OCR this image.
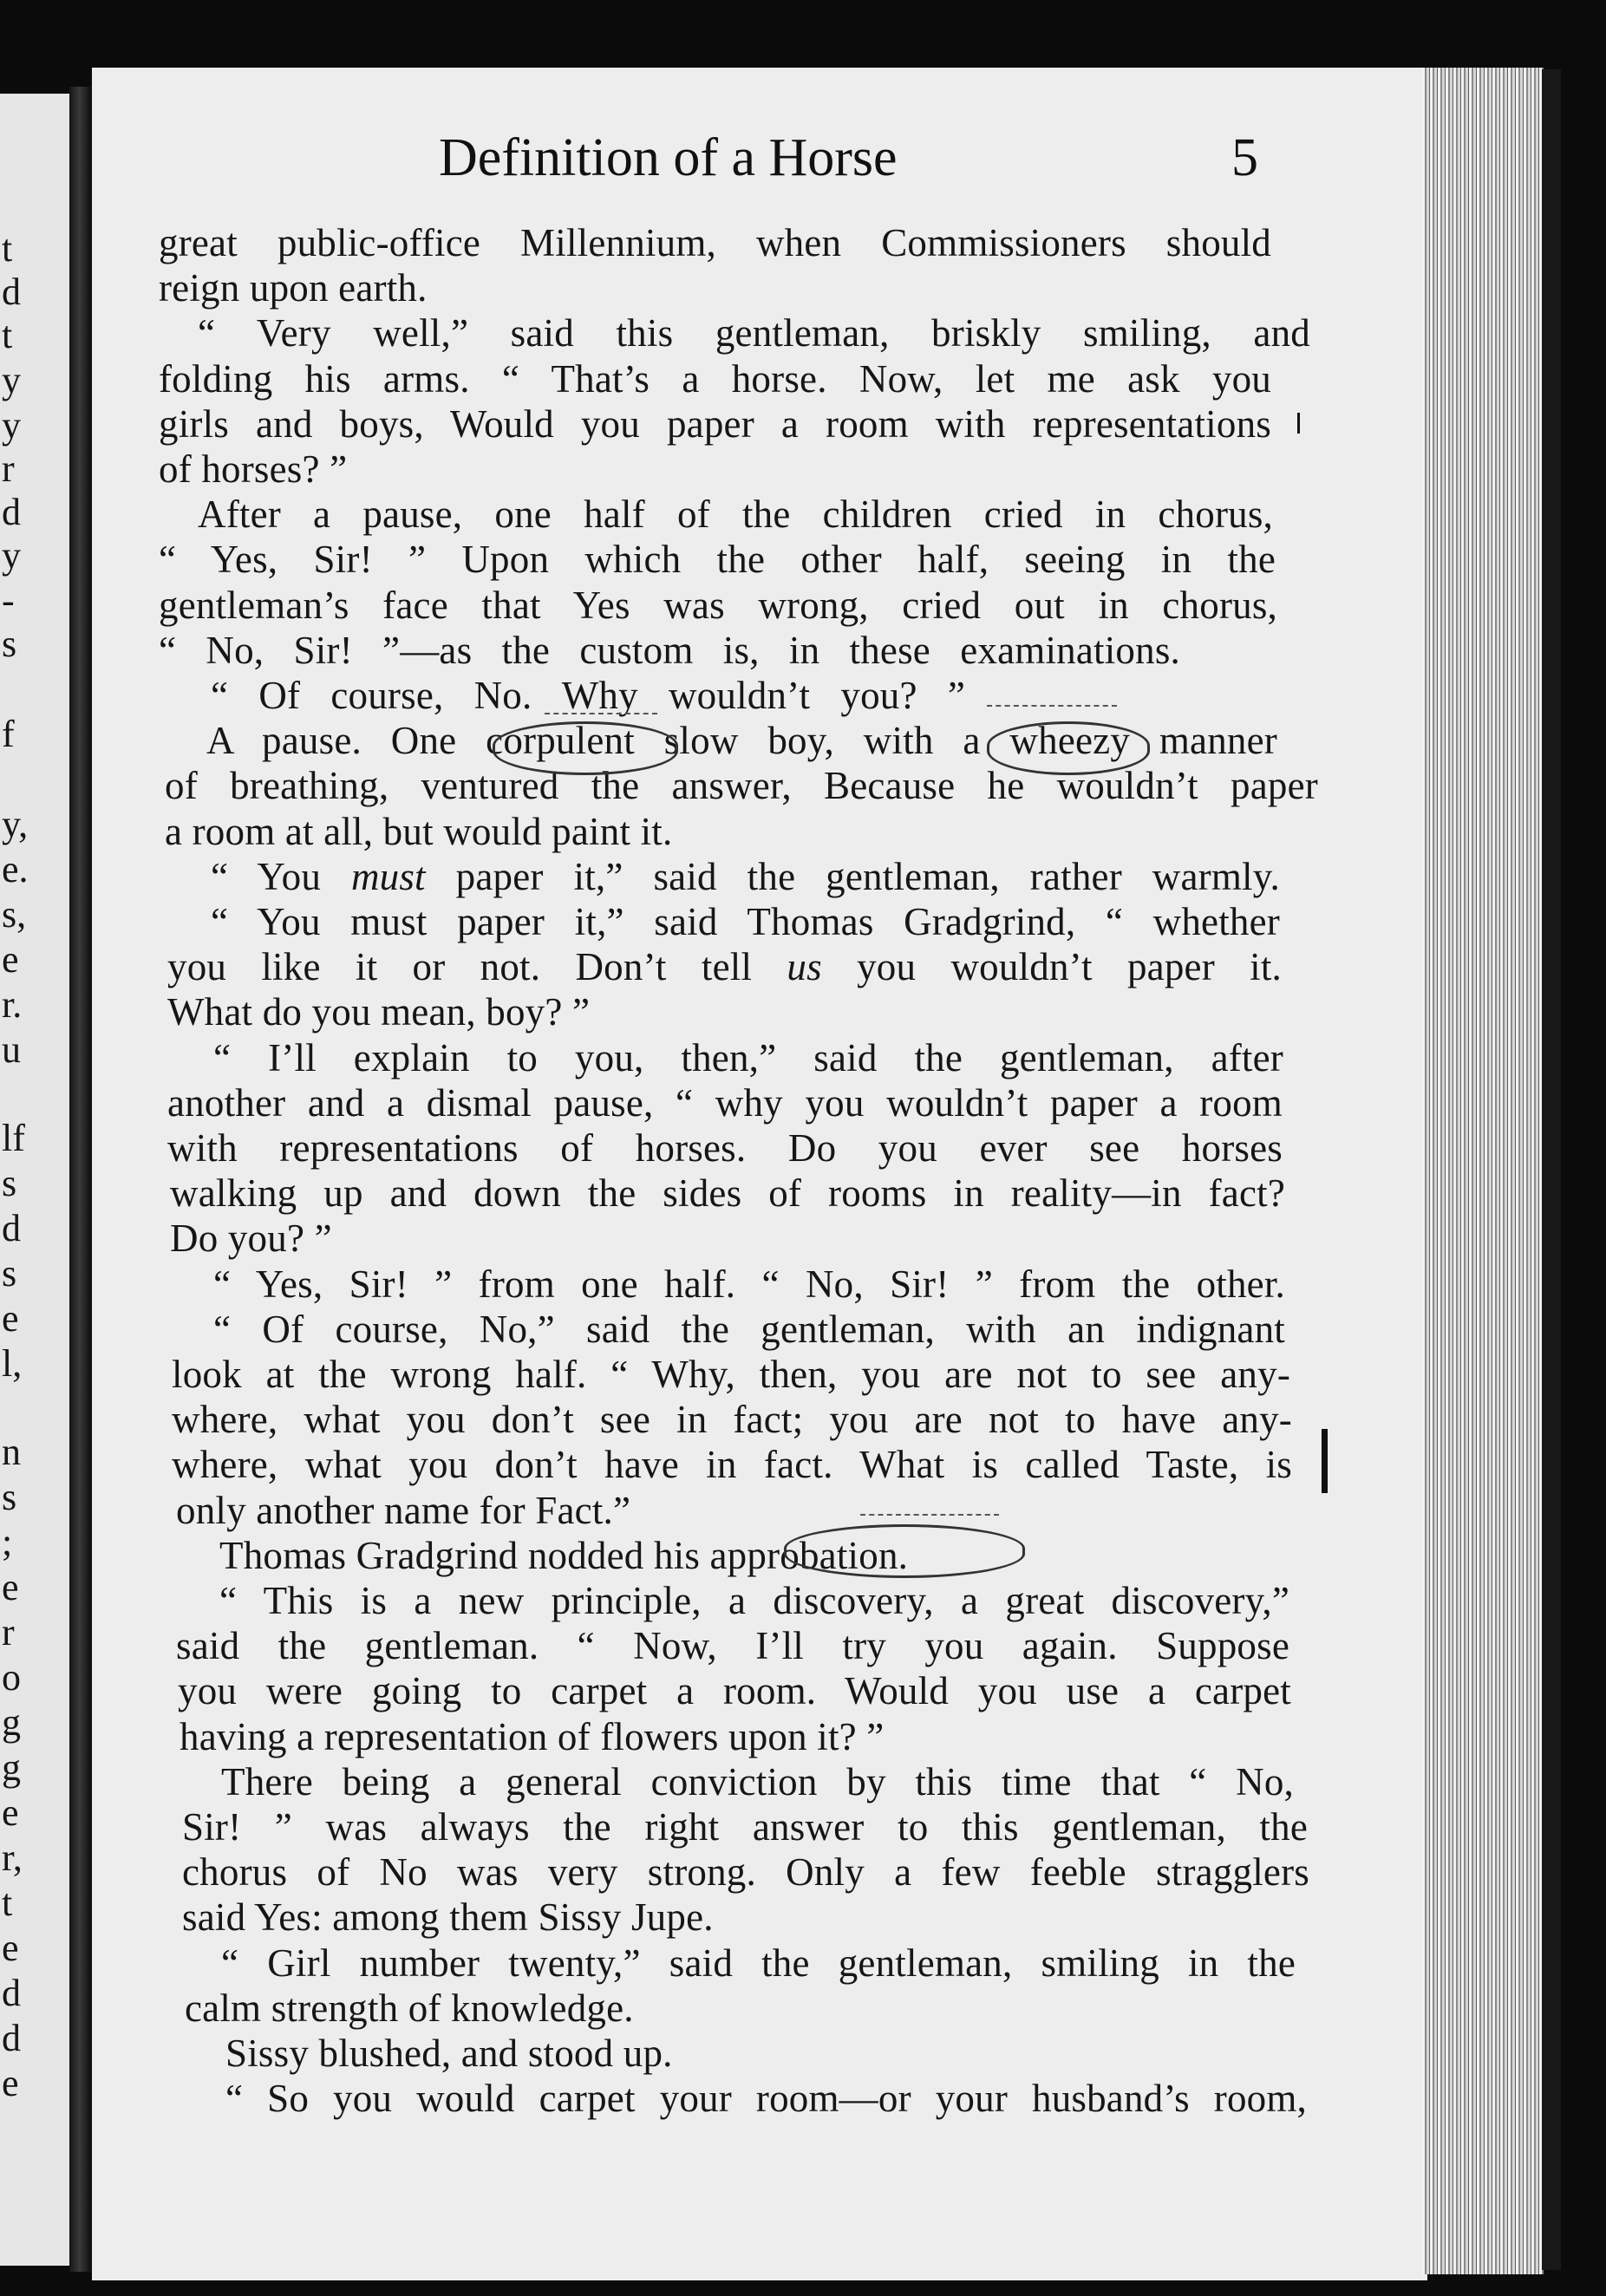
t
d
t
y
y
r
d
y
-
s
f
y,
e.
s,
e
r.
u
lf
s
d
s
e
l,
n
s
;
e
r
o
g
g
e
r,
t
e
d
d
e
Definition of a Horse	5
great public-office Millennium, when Commissioners should
reign upon earth.
“ Very well,” said this gentleman, briskly smiling, and
folding his arms. “ That’s a horse. Now, let me ask you
girls and boys, Would you paper a room with representations
of horses? ”
After a pause, one half of the children cried in chorus,
“ Yes, Sir! ” Upon which the other half, seeing in the
gentleman’s face that Yes was wrong, cried out in chorus,
“ No, Sir! ”—as the custom is, in these examinations.
“ Of course, No. Why wouldn’t you? ”
A pause. One corpulent slow boy, with a wheezy manner
of breathing, ventured the answer, Because he wouldn’t paper
a room at all, but would paint it.
“ You must paper it,” said the gentleman, rather warmly.
“ You must paper it,” said Thomas Gradgrind, “ whether
you like it or not. Don’t tell us you wouldn’t paper it.
What do you mean, boy? ”
“ I’ll explain to you, then,” said the gentleman, after
another and a dismal pause, “ why you wouldn’t paper a room
with representations of horses. Do you ever see horses
walking up and down the sides of rooms in reality—in fact?
Do you? ”
“ Yes, Sir! ” from one half. “ No, Sir! ” from the other.
“ Of course, No,” said the gentleman, with an indignant
look at the wrong half. “ Why, then, you are not to see any-
where, what you don’t see in fact; you are not to have any-
where, what you don’t have in fact. What is called Taste, is
only another name for Fact.”
Thomas Gradgrind nodded his approbation.
“ This is a new principle, a discovery, a great discovery,”
said the gentleman. “ Now, I’ll try you again. Suppose
you were going to carpet a room. Would you use a carpet
having a representation of flowers upon it? ”
There being a general conviction by this time that “ No,
Sir! ” was always the right answer to this gentleman, the
chorus of No was very strong. Only a few feeble stragglers
said Yes: among them Sissy Jupe.
“ Girl number twenty,” said the gentleman, smiling in the
calm strength of knowledge.
Sissy blushed, and stood up.
“ So you would carpet your room—or your husband’s room,
